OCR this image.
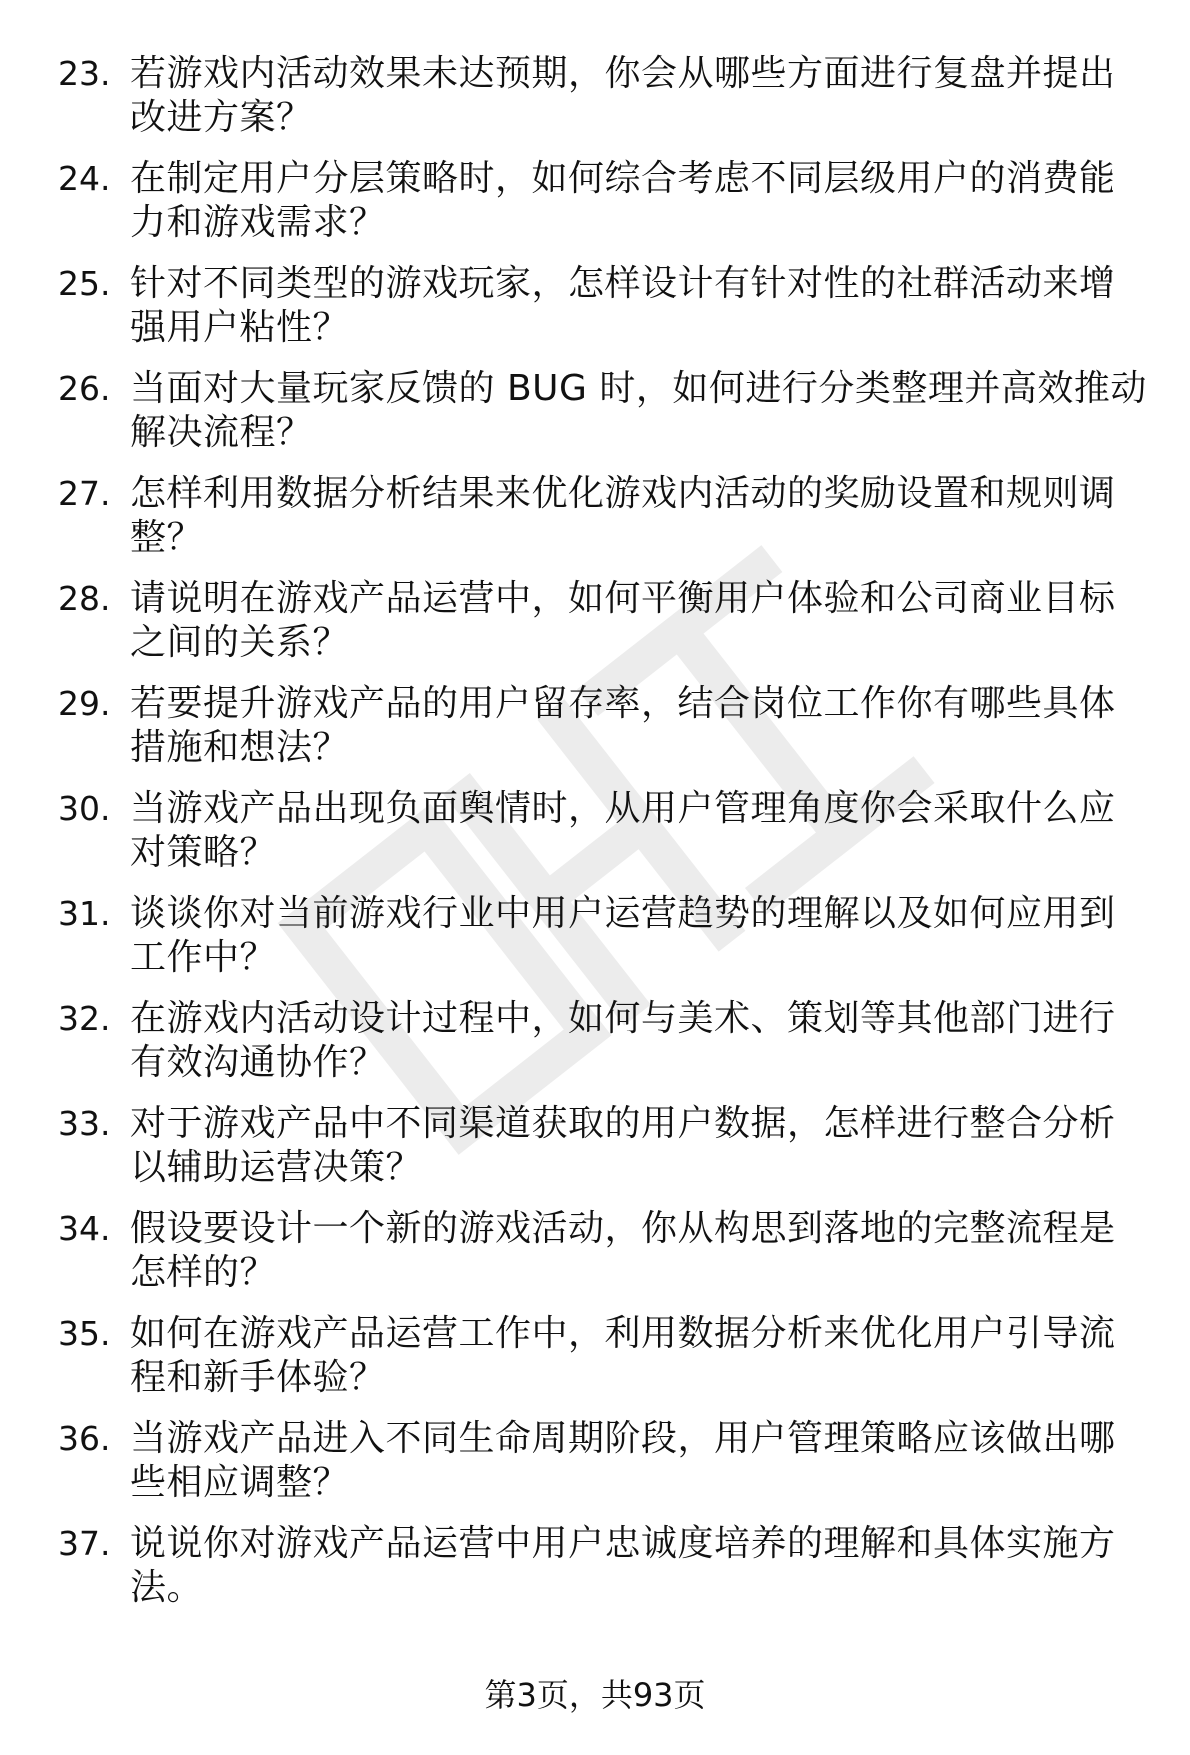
23. 若游戏内活动效果未达预期，你会从哪些方面进行复盘并提出改进方案？
24. 在制定用户分层策略时，如何综合考虑不同层级用户的消费能力和游戏需求？
25. 针对不同类型的游戏玩家，怎样设计有针对性的社群活动来增强用户粘性？
26. 当面对大量玩家反馈的 BUG 时，如何进行分类整理并高效推动解决流程？
27. 怎样利用数据分析结果来优化游戏内活动的奖励设置和规则调整？
28. 请说明在游戏产品运营中，如何平衡用户体验和公司商业目标之间的关系？
29. 若要提升游戏产品的用户留存率，结合岗位工作你有哪些具体措施和想法？
30. 当游戏产品出现负面舆情时，从用户管理角度你会采取什么应对策略？
31. 谈谈你对当前游戏行业中用户运营趋势的理解以及如何应用到工作中？
32. 在游戏内活动设计过程中，如何与美术、策划等其他部门进行有效沟通协作？
33. 对于游戏产品中不同渠道获取的用户数据，怎样进行整合分析以辅助运营决策？
34. 假设要设计一个新的游戏活动，你从构思到落地的完整流程是怎样的？
35. 如何在游戏产品运营工作中，利用数据分析来优化用户引导流程和新手体验？
36. 当游戏产品进入不同生命周期阶段，用户管理策略应该做出哪些相应调整？
37. 说说你对游戏产品运营中用户忠诚度培养的理解和具体实施方法。
第3页，共93页
